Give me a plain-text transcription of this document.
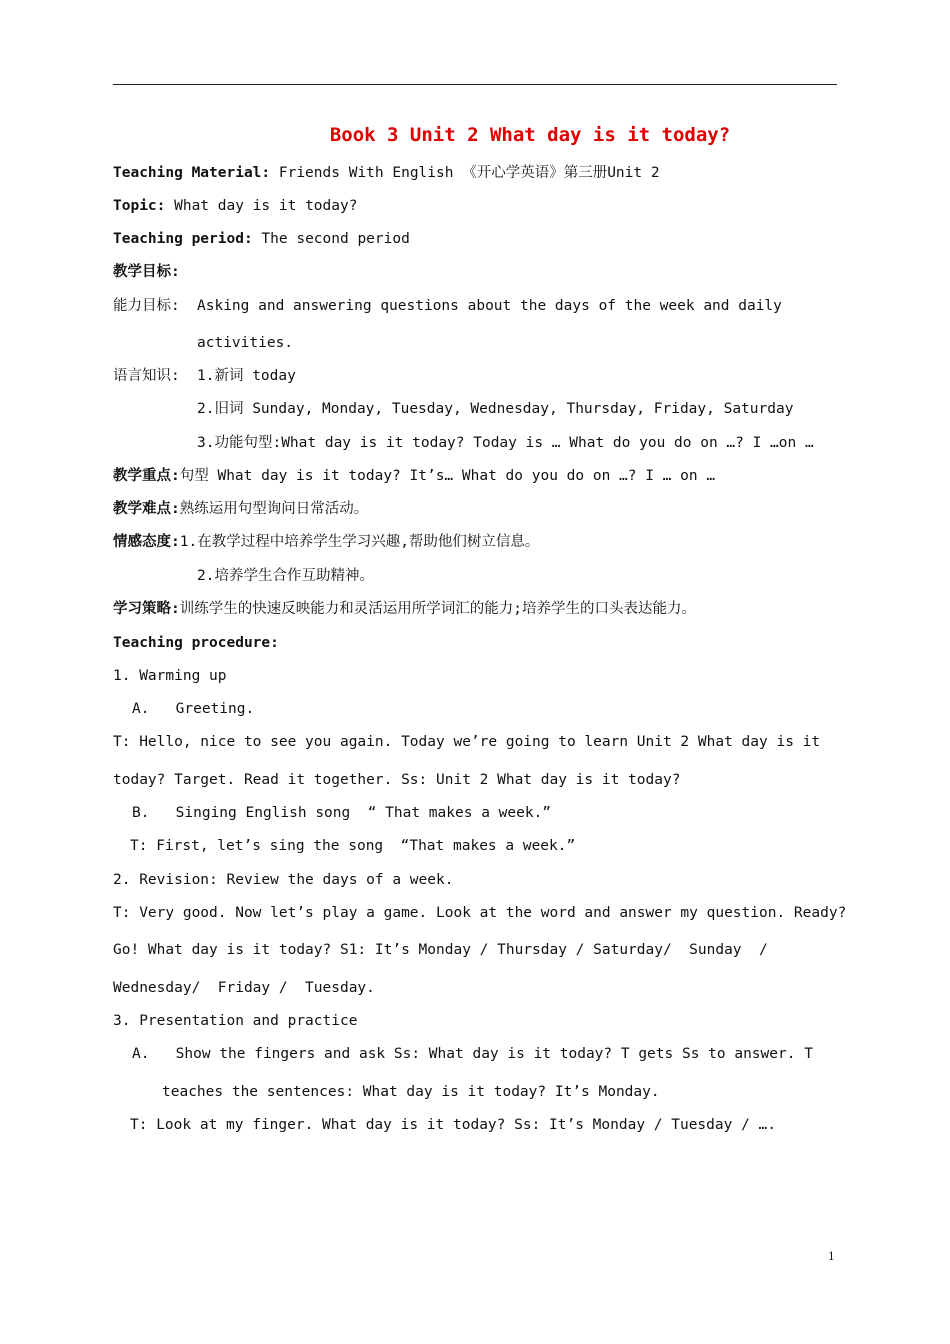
Book 3 Unit 2 What day is it today?
Teaching Material: Friends With English 《开心学英语》第三册Unit 2
Topic: What day is it today?
Teaching period: The second period
教学目标:
能力目标: Asking and answering questions about the days of the week and daily
activities.
语言知识: 1.新词 today
2.旧词 Sunday, Monday, Tuesday, Wednesday, Thursday, Friday, Saturday
3.功能句型:What day is it today? Today is … What do you do on …? I …on …
教学重点:句型 What day is it today? It’s… What do you do on …? I … on …
教学难点:熟练运用句型询问日常活动。
情感态度:1.在教学过程中培养学生学习兴趣,帮助他们树立信息。
2.培养学生合作互助精神。
学习策略:训练学生的快速反映能力和灵活运用所学词汇的能力;培养学生的口头表达能力。
Teaching procedure:
1. Warming up
A.   Greeting.
T: Hello, nice to see you again. Today we’re going to learn Unit 2 What day is it
today? Target. Read it together. Ss: Unit 2 What day is it today?
B.   Singing English song  “ That makes a week.”
T: First, let’s sing the song  “That makes a week.”
2. Revision: Review the days of a week.
T: Very good. Now let’s play a game. Look at the word and answer my question. Ready?
Go! What day is it today? S1: It’s Monday / Thursday / Saturday/  Sunday  /
Wednesday/  Friday /  Tuesday.
3. Presentation and practice
A.   Show the fingers and ask Ss: What day is it today? T gets Ss to answer. T
teaches the sentences: What day is it today? It’s Monday.
T: Look at my finger. What day is it today? Ss: It’s Monday / Tuesday / ….
1
